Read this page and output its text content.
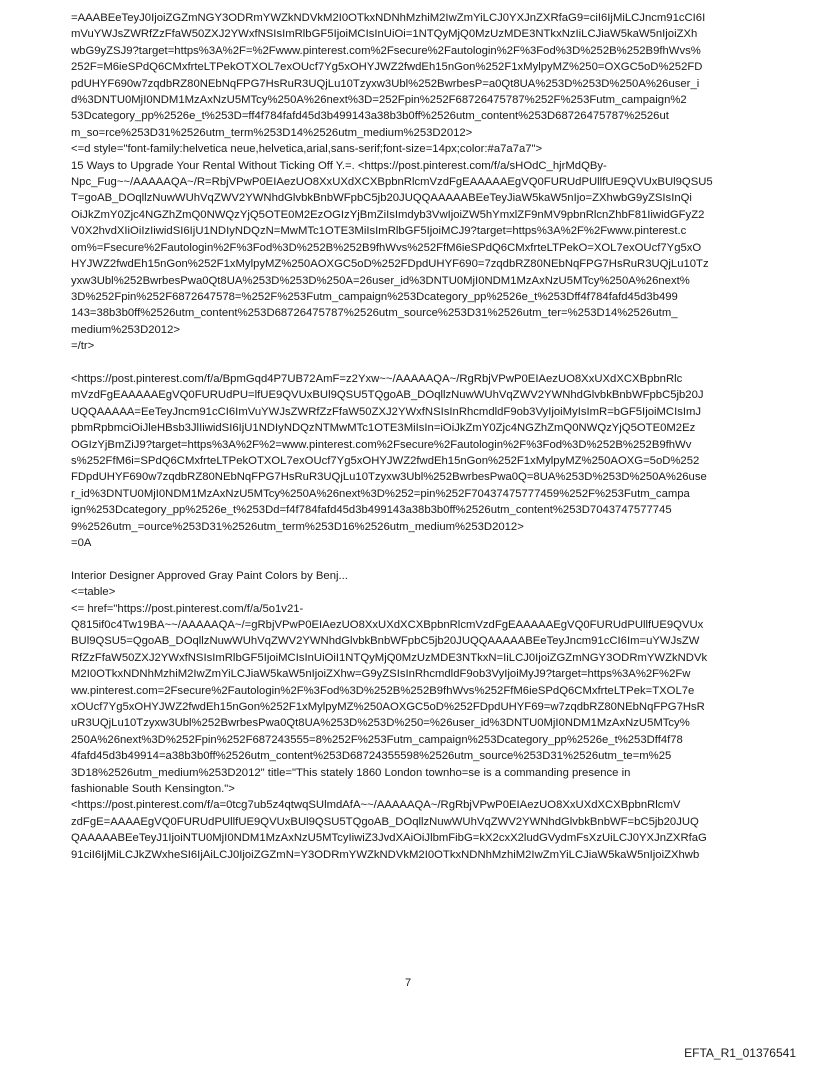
=AAABEeTeyJ0IjoiZGZmNGY3ODRmYWZkNDVkM2I0OTkxNDNhMzhiM2IwZmYiLCJ0YXJnZXRfaG9=ciI6IjMiLCJncm91cCI6I
mVuYWJsZWRfZzFfaW50ZXJ2YWxfNSIsImRlbGF5IjoiMCIsInUiOi=1NTQyMjQ0MzUzMDE3NTkxNzIiLCJiaW5kaW5nIjoiZXh
wbG9yZSJ9?target=https%3A%2F=%2Fwww.pinterest.com%2Fsecure%2Fautologin%2F%3Fod%3D%252B%252B9fhWvs%
252F=M6ieSPdQ6CMxfrteLTPekOTXOL7exOUcf7Yg5xOHYJWZ2fwdEh15nGon%252F1xMylpyMZ%250=OXGC5oD%252FD
pdUHYF690w7zqdbRZ80NEbNqFPG7HsRuR3UQjLu10Tzyxw3Ubl%252BwrbesP=a0Qt8UA%253D%253D%250A%26user_i
d%3DNTU0MjI0NDM1MzAxNzU5MTcy%250A%26next%3D=252Fpin%252F68726475787%252F%253Futm_campaign%2
53Dcategory_pp%2526e_t%253D=ff4f784fafd45d3b499143a38b3b0ff%2526utm_content%253D68726475787%2526ut
m_so=rce%253D31%2526utm_term%253D14%2526utm_medium%253D2012>
<=d style="font-family:helvetica neue,helvetica,arial,sans-serif;font-size=14px;color:#a7a7a7">
15 Ways to Upgrade Your Rental Without Ticking Off Y.=. <https://post.pinterest.com/f/a/sHOdC_hjrMdQBy-
Npc_Fug~~/AAAAAQA~/R=RbjVPwP0EIAezUO8XxUXdXCXBpbnRlcmVzdFgEAAAAAEgVQ0FURUdPUllfUE9QVUxBUl9QSU5
T=goAB_DOqllzNuwWUhVqZWV2YWNhdGlvbkBnbWFpbC5jb20JUQQAAAAABEeTeyJiaW5kaW5nIjo=ZXhwbG9yZSIsInQi
OiJkZmY0Zjc4NGZhZmQ0NWQzYjQ5OTE0M2EzOGIzYjBmZiIsImdyb3VwIjoiZW5hYmxlZF9nMV9pbnRlcnZhbF81IiwidGFyZ2
V0X2hvdXIiOiIzIiwidSI6IjU1NDIyNDQzN=MwMTc1OTE3MiIsImRlbGF5IjoiMCJ9?target=https%3A%2F%2Fwww.pinterest.c
om%=Fsecure%2Fautologin%2F%3Fod%3D%252B%252B9fhWvs%252FfM6ieSPdQ6CMxfrteLTPekO=XOL7exOUcf7Yg5xO
HYJWZ2fwdEh15nGon%252F1xMylpyMZ%250AOXGC5oD%252FDpdUHYF690=7zqdbRZ80NEbNqFPG7HsRuR3UQjLu10Tz
yxw3Ubl%252BwrbesPwa0Qt8UA%253D%253D%250A=26user_id%3DNTU0MjI0NDM1MzAxNzU5MTcy%250A%26next%
3D%252Fpin%252F6872647578=%252F%253Futm_campaign%253Dcategory_pp%2526e_t%253Dff4f784fafd45d3b499
143=38b3b0ff%2526utm_content%253D68726475787%2526utm_source%253D31%2526utm_ter=%253D14%2526utm_
medium%253D2012>
=/tr>
<https://post.pinterest.com/f/a/BpmGqd4P7UB72AmF=z2Yxw~~/AAAAAQA~/RgRbjVPwP0EIAezUO8XxUXdXCXBpbnRlc
mVzdFgEAAAAAEgVQ0FURUdPU=lfUE9QVUxBUl9QSU5TQgoAB_DOqllzNuwWUhVqZWV2YWNhdGlvbkBnbWFpbC5jb20J
UQQAAAAA=EeTeyJncm91cCI6ImVuYWJsZWRfZzFfaW50ZXJ2YWxfNSIsInRhcmdldF9ob3VyIjoiMyIsImR=bGF5IjoiMCIsImJ
pbmRpbmciOiJleHBsb3JlIiwidSI6IjU1NDIyNDQzNTMwMTc1OTE3MiIsIn=iOiJkZmY0Zjc4NGZhZmQ0NWQzYjQ5OTE0M2Ez
OGIzYjBmZiJ9?target=https%3A%2F%2=www.pinterest.com%2Fsecure%2Fautologin%2F%3Fod%3D%252B%252B9fhWv
s%252FfM6i=SPdQ6CMxfrteLTPekOTXOL7exOUcf7Yg5xOHYJWZ2fwdEh15nGon%252F1xMylpyMZ%250AOXG=5oD%252
FDpdUHYF690w7zqdbRZ80NEbNqFPG7HsRuR3UQjLu10Tzyxw3Ubl%252BwrbesPwa0Q=8UA%253D%253D%250A%26use
r_id%3DNTU0MjI0NDM1MzAxNzU5MTcy%250A%26next%3D%252=pin%252F70437475777459%252F%253Futm_campa
ign%253Dcategory_pp%2526e_t%253Dd=f4f784fafd45d3b499143a38b3b0ff%2526utm_content%253D7043747577745
9%2526utm_=ource%253D31%2526utm_term%253D16%2526utm_medium%253D2012>
=0A
Interior Designer Approved Gray Paint Colors by Benj...
<=table>
<= href="https://post.pinterest.com/f/a/5o1v21-
Q815if0c4Tw19BA~~/AAAAAQA~/=gRbjVPwP0EIAezUO8XxUXdXCXBpbnRlcmVzdFgEAAAAAEgVQ0FURUdPUllfUE9QVUx
BUl9QSU5=QgoAB_DOqllzNuwWUhVqZWV2YWNhdGlvbkBnbWFpbC5jb20JUQQAAAAABEeTeyJncm91cCI6Im=uYWJsZW
RfZzFfaW50ZXJ2YWxfNSIsImRlbGF5IjoiMCIsInUiOiI1NTQyMjQ0MzUzMDE3NTkxN=IiLCJ0IjoiZGZmNGY3ODRmYWZkNDVk
M2I0OTkxNDNhMzhiM2IwZmYiLCJiaW5kaW5nIjoiZXhw=G9yZSIsInRhcmdldF9ob3VyIjoiMyJ9?target=https%3A%2F%2Fw
ww.pinterest.com=2Fsecure%2Fautologin%2F%3Fod%3D%252B%252B9fhWvs%252FfM6ieSPdQ6CMxfrteLTPek=TXOL7e
xOUcf7Yg5xOHYJWZ2fwdEh15nGon%252F1xMylpyMZ%250AOXGC5oD%252FDpdUHYF69=w7zqdbRZ80NEbNqFPG7HsR
uR3UQjLu10Tzyxw3Ubl%252BwrbesPwa0Qt8UA%253D%253D%250=%26user_id%3DNTU0MjI0NDM1MzAxNzU5MTcy%
250A%26next%3D%252Fpin%252F687243555=8%252F%253Futm_campaign%253Dcategory_pp%2526e_t%253Dff4f78
4fafd45d3b49914=a38b3b0ff%2526utm_content%253D68724355598%2526utm_source%253D31%2526utm_te=m%25
3D18%2526utm_medium%253D2012" title="This stately 1860 London townho=se is a commanding presence in
fashionable South Kensington.">
<https://post.pinterest.com/f/a=0tcg7ub5z4qtwqSUlmdAfA~~/AAAAAQA~/RgRbjVPwP0EIAezUO8XxUXdXCXBpbnRlcmV
zdFgE=AAAAEgVQ0FURUdPUllfUE9QVUxBUl9QSU5TQgoAB_DOqllzNuwWUhVqZWV2YWNhdGlvbkBnbWF=bC5jb20JUQ
QAAAAABEeTeyJ1IjoiNTU0MjI0NDM1MzAxNzU5MTcyIiwiZ3JvdXAiOiJlbmFibG=kX2cxX2ludGVydmFsXzUiLCJ0YXJnZXRfaG
91ciI6IjMiLCJkZWxheSI6IjAiLCJ0IjoiZGZmN=Y3ODRmYWZkNDVkM2I0OTkxNDNhMzhiM2IwZmYiLCJiaW5kaW5nIjoiZXhwb
7
EFTA_R1_01376541
